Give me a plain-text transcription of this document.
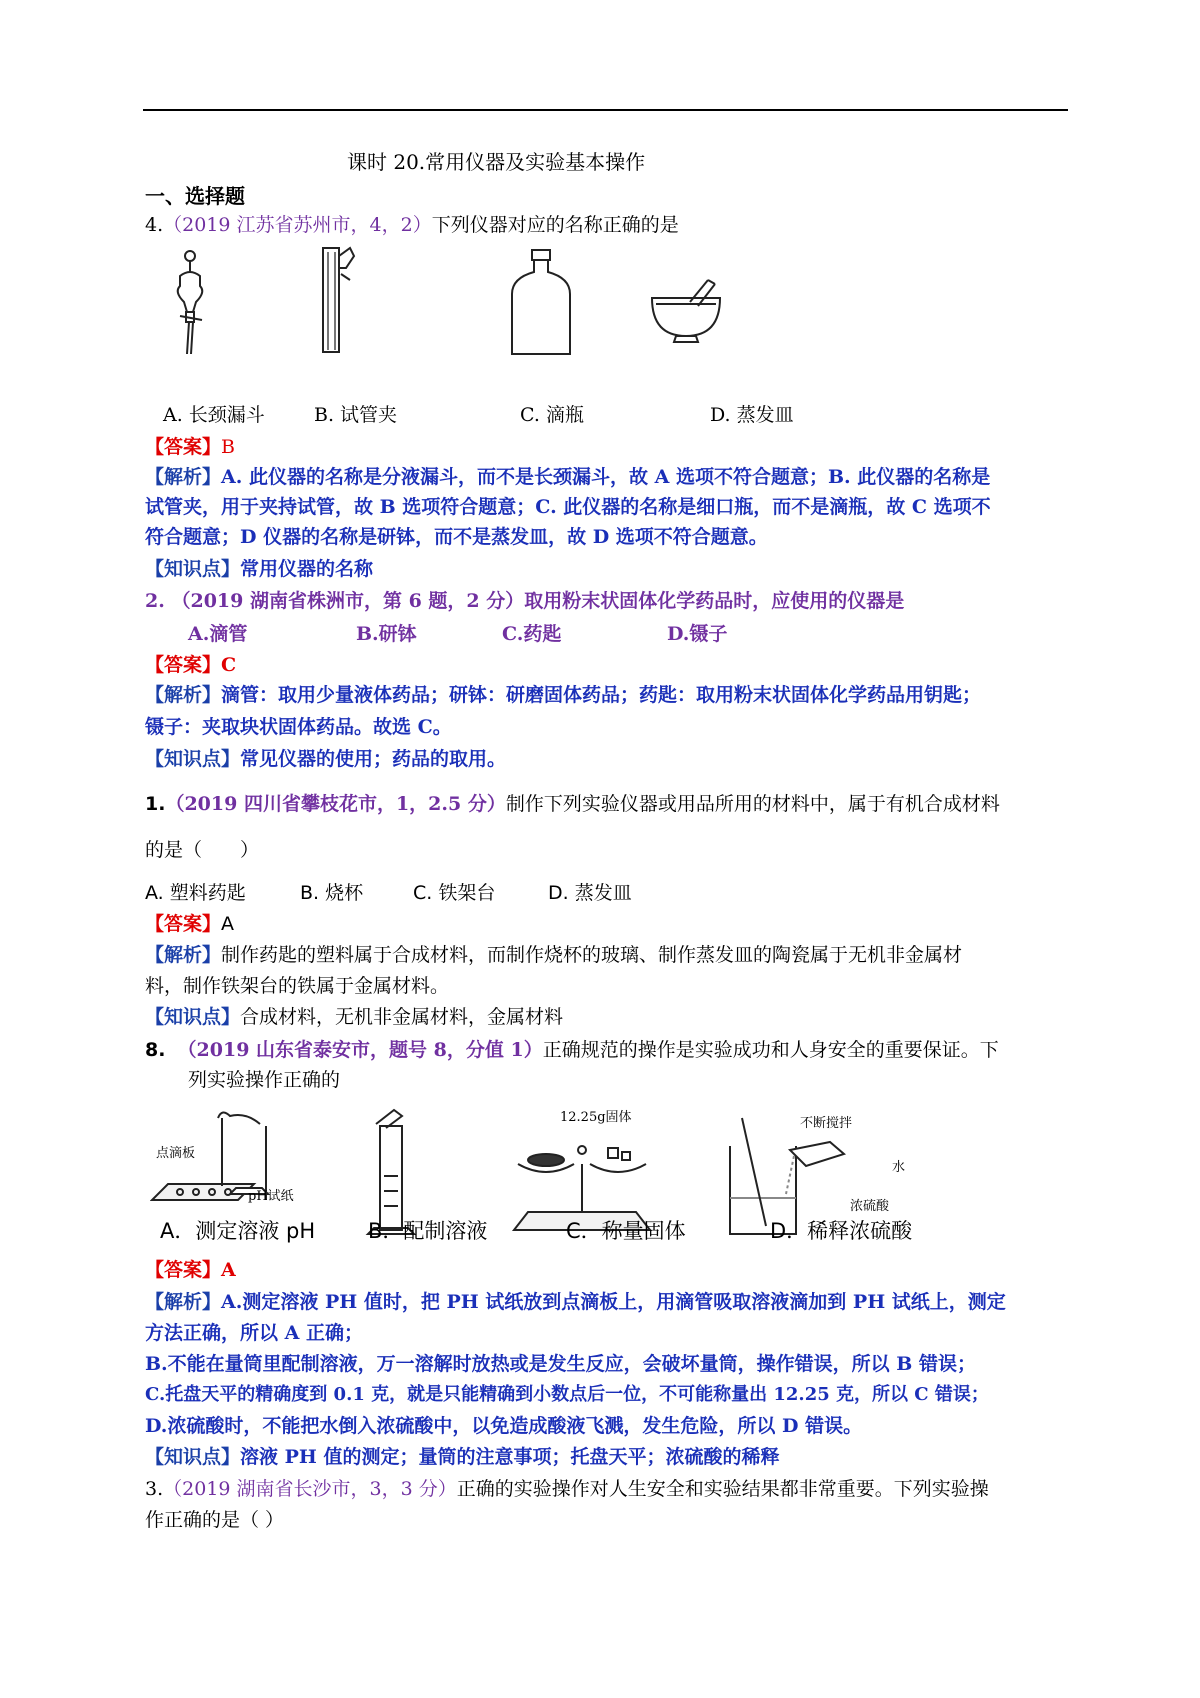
课时 20.常用仪器及实验基本操作
一、选择题
4.（2019 江苏省苏州市，4，2）下列仪器对应的名称正确的是
A. 长颈漏斗	B. 试管夹	C. 滴瓶	D. 蒸发皿
【答案】B
【解析】A. 此仪器的名称是分液漏斗，而不是长颈漏斗，故 A 选项不符合题意；B. 此仪器的名称是
试管夹，用于夹持试管，故 B 选项符合题意；C. 此仪器的名称是细口瓶，而不是滴瓶，故 C 选项不
符合题意；D 仪器的名称是研钵，而不是蒸发皿，故 D 选项不符合题意。
【知识点】常用仪器的名称
2. （2019 湖南省株洲市，第 6 题，2 分）取用粉末状固体化学药品时，应使用的仪器是
A.滴管	B.研钵	C.药匙	D.镊子
【答案】C
【解析】滴管：取用少量液体药品；研钵：研磨固体药品；药匙：取用粉末状固体化学药品用钥匙；
镊子：夹取块状固体药品。故选 C。
【知识点】常见仪器的使用；药品的取用。
1.（2019 四川省攀枝花市，1，2.5 分）制作下列实验仪器或用品所用的材料中，属于有机合成材料
的是（　　）
A. 塑料药匙	B. 烧杯	C. 铁架台	D. 蒸发皿
【答案】A
【解析】制作药匙的塑料属于合成材料，而制作烧杯的玻璃、制作蒸发皿的陶瓷属于无机非金属材
料，制作铁架台的铁属于金属材料。
【知识点】合成材料，无机非金属材料，金属材料
8. （2019 山东省泰安市，题号 8，分值 1）正确规范的操作是实验成功和人身安全的重要保证。下
列实验操作正确的
点滴板
pH试纸
12.25g固体	不断搅拌
水
浓硫酸
A．测定溶液 pH	B．配制溶液	C．称量固体	D．稀释浓硫酸
【答案】A
【解析】A.测定溶液 PH 值时，把 PH 试纸放到点滴板上，用滴管吸取溶液滴加到 PH 试纸上，测定
方法正确，所以 A 正确；
B.不能在量筒里配制溶液，万一溶解时放热或是发生反应，会破坏量筒，操作错误，所以 B 错误；
C.托盘天平的精确度到 0.1 克，就是只能精确到小数点后一位，不可能称量出 12.25 克，所以 C 错误；
D.浓硫酸时，不能把水倒入浓硫酸中，以免造成酸液飞溅，发生危险，所以 D 错误。
【知识点】溶液 PH 值的测定；量筒的注意事项；托盘天平；浓硫酸的稀释
3.（2019 湖南省长沙市，3，3 分）正确的实验操作对人生安全和实验结果都非常重要。下列实验操
作正确的是（ ）
